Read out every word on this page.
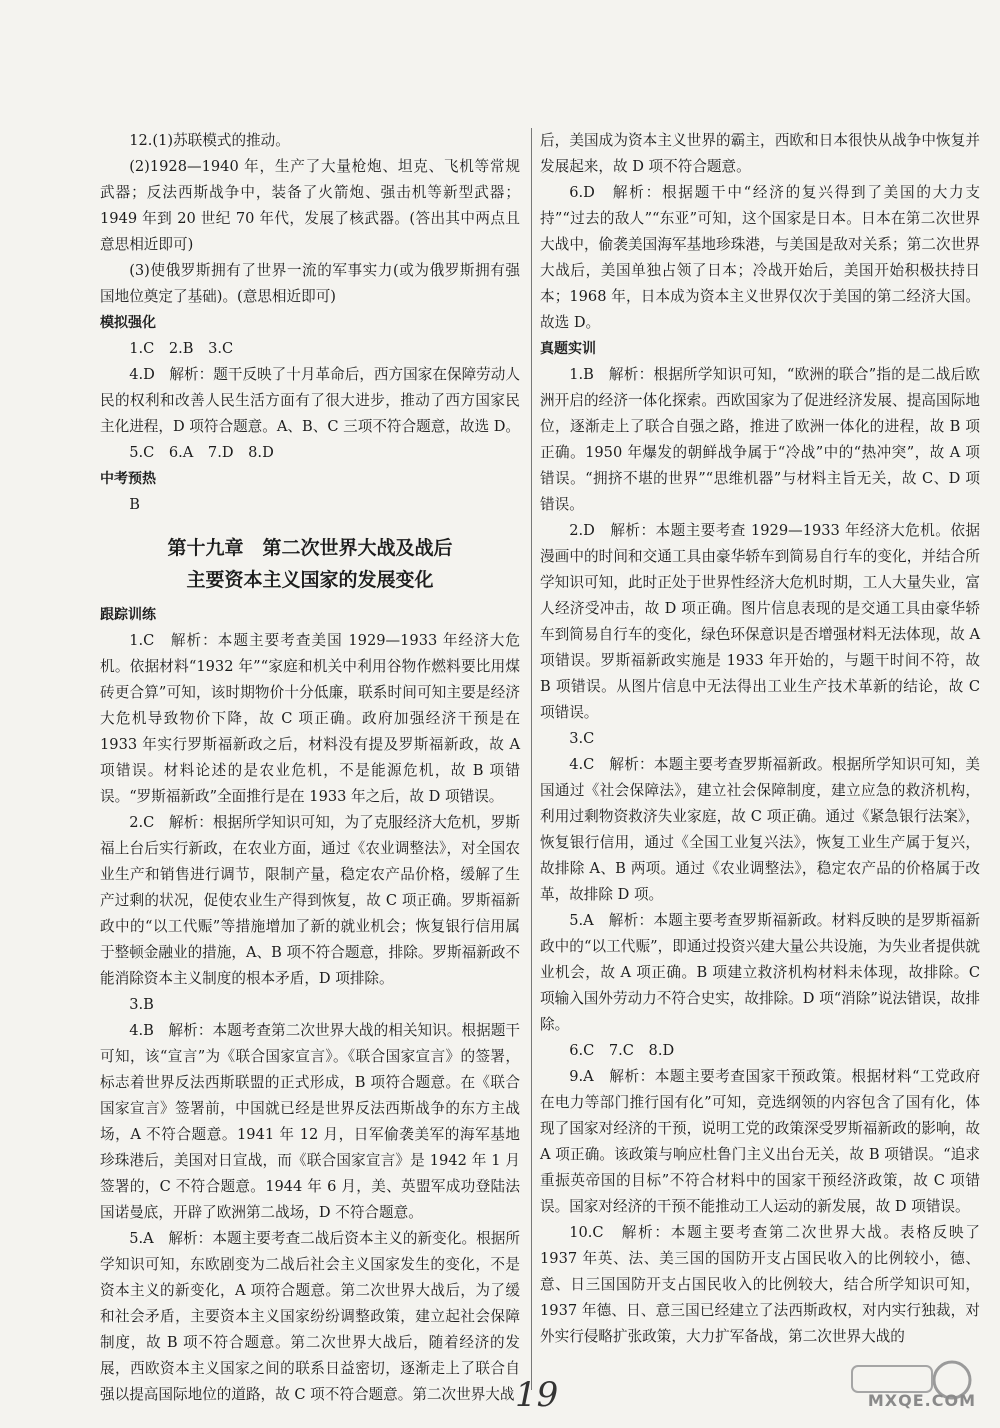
12.(1)苏联模式的推动。

(2)1928—1940 年，生产了大量枪炮、坦克、飞机等常规武器；反法西斯战争中，装备了火箭炮、强击机等新型武器；1949 年到 20 世纪 70 年代，发展了核武器。(答出其中两点且意思相近即可)

(3)使俄罗斯拥有了世界一流的军事实力(或为俄罗斯拥有强国地位奠定了基础)。(意思相近即可)

模拟强化

1.C　2.B　3.C

4.D　解析：题干反映了十月革命后，西方国家在保障劳动人民的权利和改善人民生活方面有了很大进步，推动了西方国家民主化进程，D 项符合题意。A、B、C 三项不符合题意，故选 D。

5.C　6.A　7.D　8.D

中考预热

B

第十九章　第二次世界大战及战后
主要资本主义国家的发展变化

跟踪训练

1.C　解析：本题主要考查美国 1929—1933 年经济大危机。依据材料“1932 年”“家庭和机关中利用谷物作燃料要比用煤砖更合算”可知，该时期物价十分低廉，联系时间可知主要是经济大危机导致物价下降，故 C 项正确。政府加强经济干预是在 1933 年实行罗斯福新政之后，材料没有提及罗斯福新政，故 A 项错误。材料论述的是农业危机，不是能源危机，故 B 项错误。“罗斯福新政”全面推行是在 1933 年之后，故 D 项错误。

2.C　解析：根据所学知识可知，为了克服经济大危机，罗斯福上台后实行新政，在农业方面，通过《农业调整法》，对全国农业生产和销售进行调节，限制产量，稳定农产品价格，缓解了生产过剩的状况，促使农业生产得到恢复，故 C 项正确。罗斯福新政中的“以工代赈”等措施增加了新的就业机会；恢复银行信用属于整顿金融业的措施，A、B 项不符合题意，排除。罗斯福新政不能消除资本主义制度的根本矛盾，D 项排除。

3.B

4.B　解析：本题考查第二次世界大战的相关知识。根据题干可知，该“宣言”为《联合国家宣言》。《联合国家宣言》的签署，标志着世界反法西斯联盟的正式形成，B 项符合题意。在《联合国家宣言》签署前，中国就已经是世界反法西斯战争的东方主战场，A 不符合题意。1941 年 12 月，日军偷袭美军的海军基地珍珠港后，美国对日宣战，而《联合国家宣言》是 1942 年 1 月签署的，C 不符合题意。1944 年 6 月，美、英盟军成功登陆法国诺曼底，开辟了欧洲第二战场，D 不符合题意。

5.A　解析：本题主要考查二战后资本主义的新变化。根据所学知识可知，东欧剧变为二战后社会主义国家发生的变化，不是资本主义的新变化，A 项符合题意。第二次世界大战后，为了缓和社会矛盾，主要资本主义国家纷纷调整政策，建立起社会保障制度，故 B 项不符合题意。第二次世界大战后，随着经济的发展，西欧资本主义国家之间的联系日益密切，逐渐走上了联合自强以提高国际地位的道路，故 C 项不符合题意。第二次世界大战

后，美国成为资本主义世界的霸主，西欧和日本很快从战争中恢复并发展起来，故 D 项不符合题意。

6.D　解析：根据题干中“经济的复兴得到了美国的大力支持”“过去的敌人”“东亚”可知，这个国家是日本。日本在第二次世界大战中，偷袭美国海军基地珍珠港，与美国是敌对关系；第二次世界大战后，美国单独占领了日本；冷战开始后，美国开始积极扶持日本；1968 年，日本成为资本主义世界仅次于美国的第二经济大国。故选 D。

真题实训

1.B　解析：根据所学知识可知，“欧洲的联合”指的是二战后欧洲开启的经济一体化探索。西欧国家为了促进经济发展、提高国际地位，逐渐走上了联合自强之路，推进了欧洲一体化的进程，故 B 项正确。1950 年爆发的朝鲜战争属于“冷战”中的“热冲突”，故 A 项错误。“拥挤不堪的世界”“思维机器”与材料主旨无关，故 C、D 项错误。

2.D　解析：本题主要考查 1929—1933 年经济大危机。依据漫画中的时间和交通工具由豪华轿车到简易自行车的变化，并结合所学知识可知，此时正处于世界性经济大危机时期，工人大量失业，富人经济受冲击，故 D 项正确。图片信息表现的是交通工具由豪华轿车到简易自行车的变化，绿色环保意识是否增强材料无法体现，故 A 项错误。罗斯福新政实施是 1933 年开始的，与题干时间不符，故 B 项错误。从图片信息中无法得出工业生产技术革新的结论，故 C 项错误。

3.C

4.C　解析：本题主要考查罗斯福新政。根据所学知识可知，美国通过《社会保障法》，建立社会保障制度，建立应急的救济机构，利用过剩物资救济失业家庭，故 C 项正确。通过《紧急银行法案》，恢复银行信用，通过《全国工业复兴法》，恢复工业生产属于复兴，故排除 A、B 两项。通过《农业调整法》，稳定农产品的价格属于改革，故排除 D 项。

5.A　解析：本题主要考查罗斯福新政。材料反映的是罗斯福新政中的“以工代赈”，即通过投资兴建大量公共设施，为失业者提供就业机会，故 A 项正确。B 项建立救济机构材料未体现，故排除。C 项输入国外劳动力不符合史实，故排除。D 项“消除”说法错误，故排除。

6.C　7.C　8.D

9.A　解析：本题主要考查国家干预政策。根据材料“工党政府在电力等部门推行国有化”可知，竞选纲领的内容包含了国有化，体现了国家对经济的干预，说明工党的政策深受罗斯福新政的影响，故 A 项正确。该政策与响应杜鲁门主义出台无关，故 B 项错误。“追求重振英帝国的目标”不符合材料中的国家干预经济政策，故 C 项错误。国家对经济的干预不能推动工人运动的新发展，故 D 项错误。

10.C　解析：本题主要考查第二次世界大战。表格反映了 1937 年英、法、美三国的国防开支占国民收入的比例较小，德、意、日三国国防开支占国民收入的比例较大，结合所学知识可知，1937 年德、日、意三国已经建立了法西斯政权，对内实行独裁，对外实行侵略扩张政策，大力扩军备战，第二次世界大战的

19	MXQE.COM
